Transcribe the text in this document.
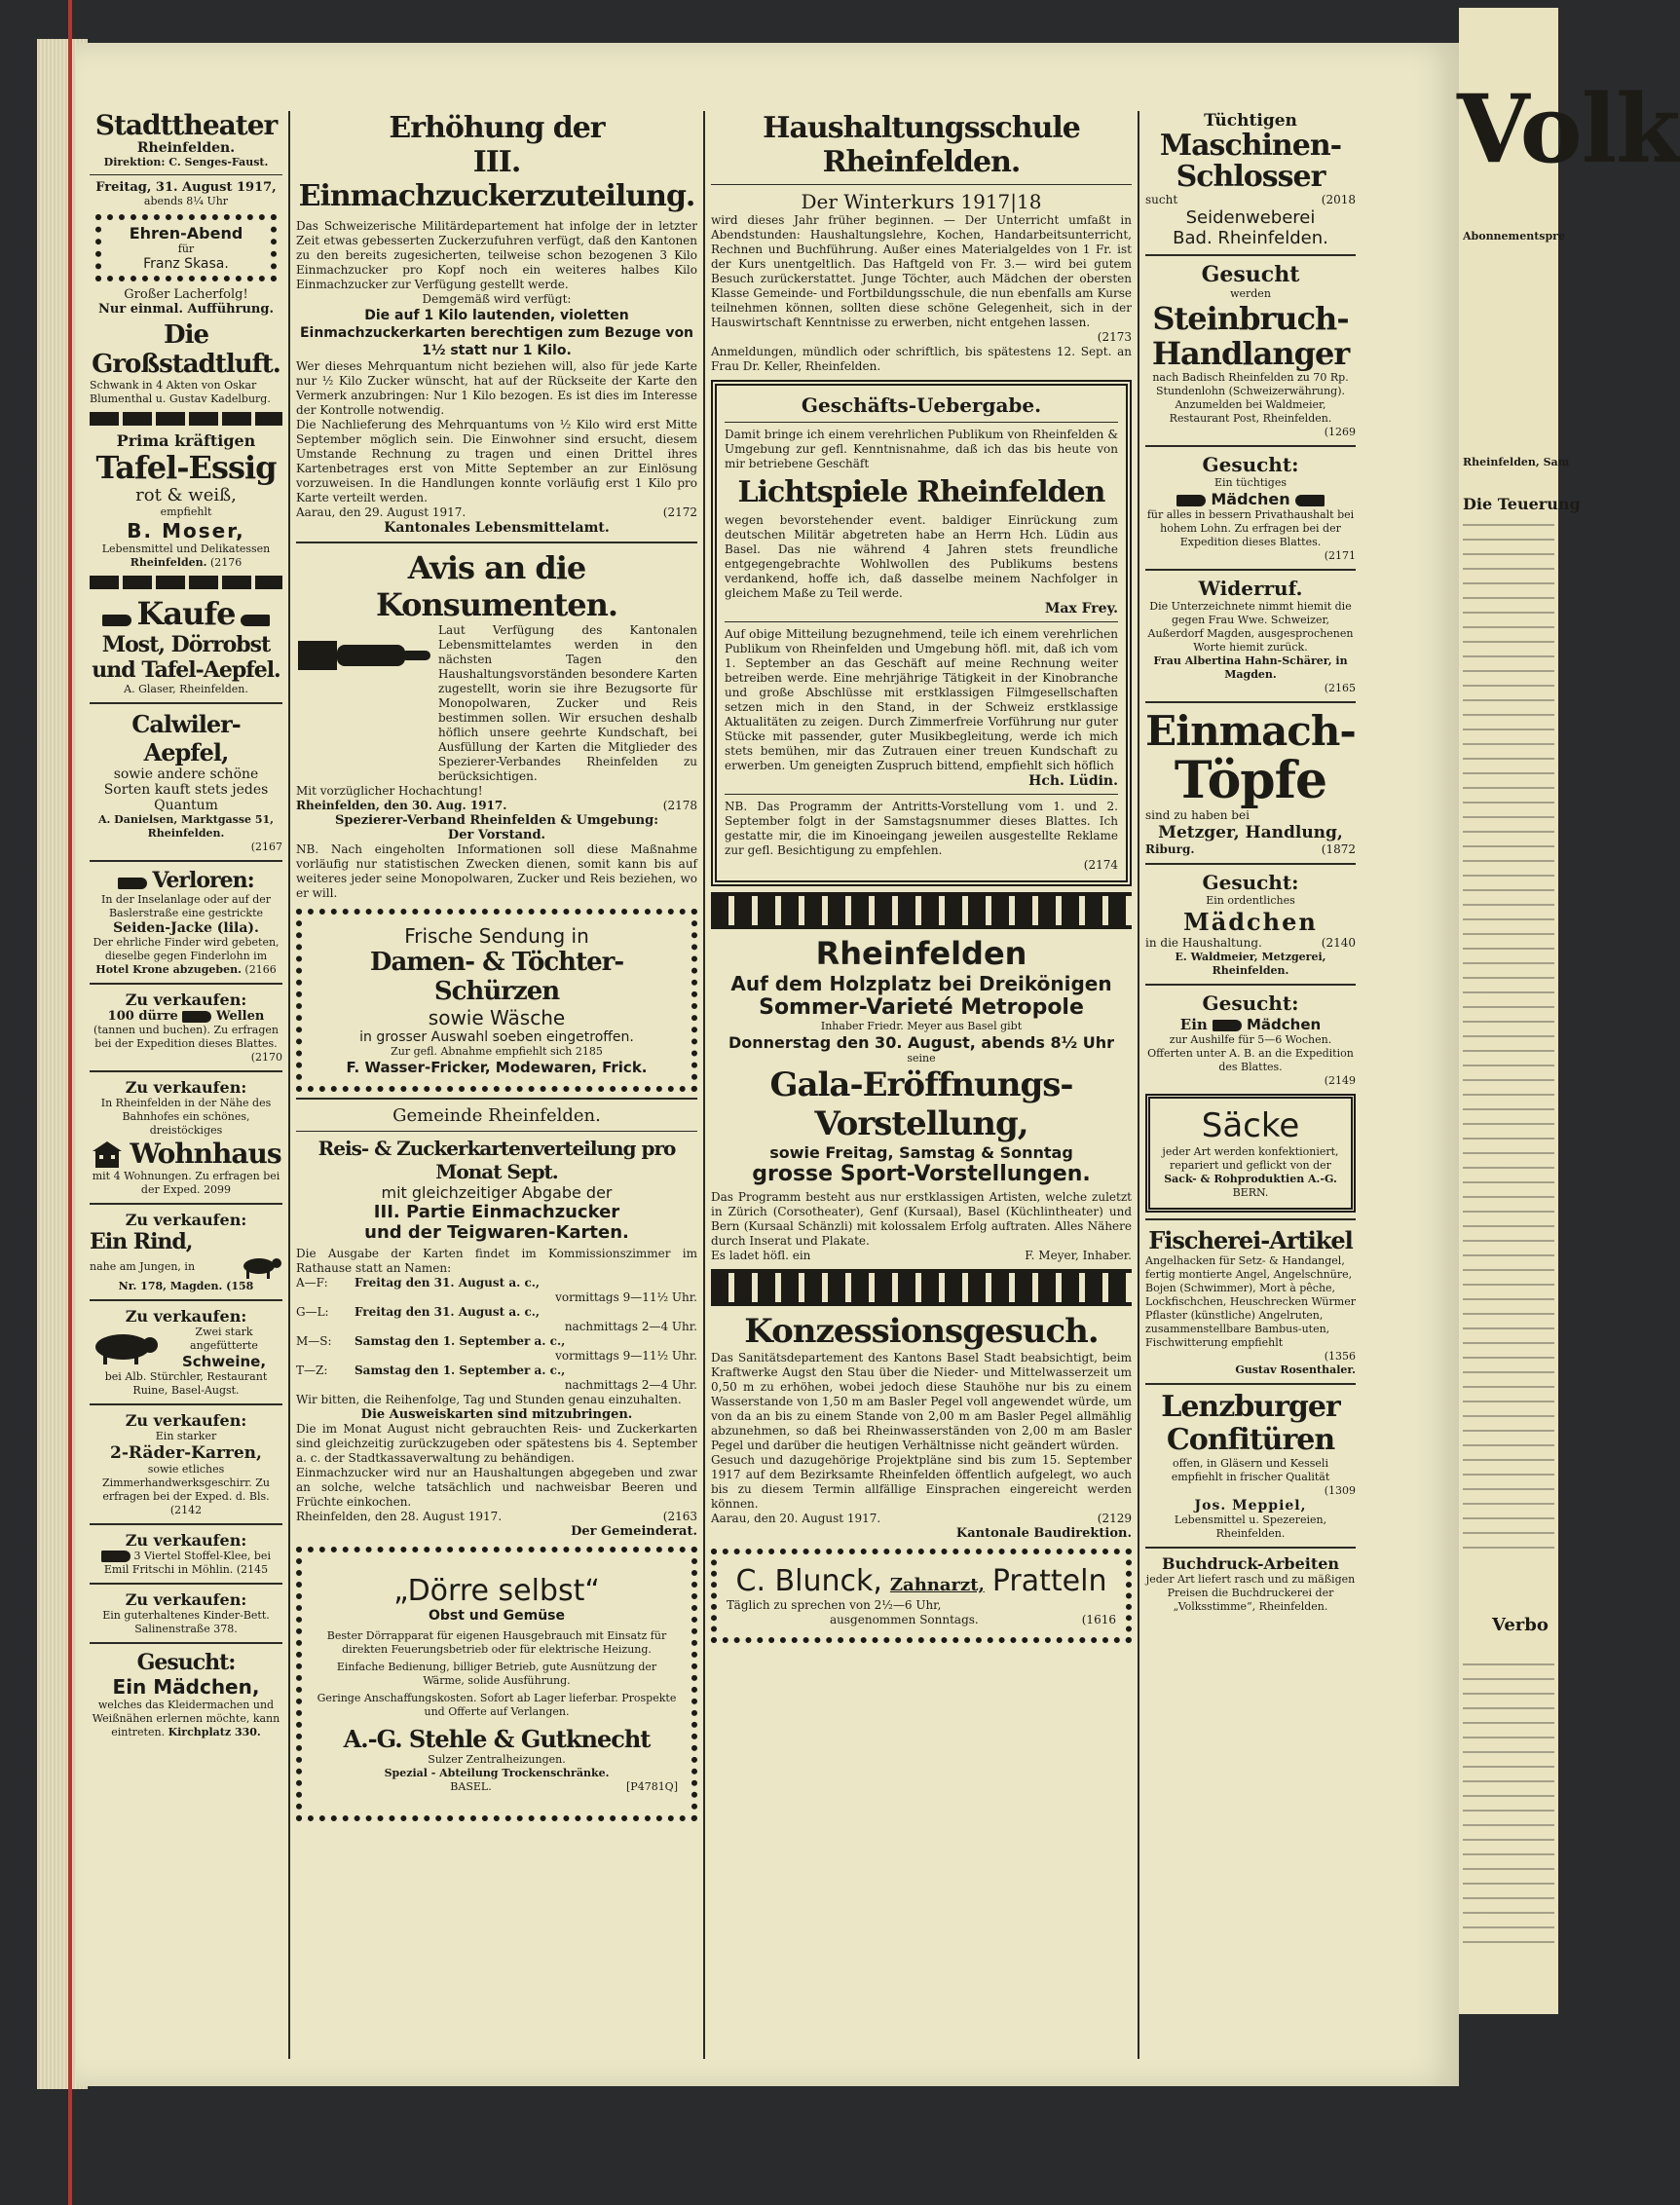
Stadttheater
Rheinfelden.
Direktion: C. Senges-Faust.
Freitag, 31. August 1917,
abends 8¼ Uhr
Ehren-Abend
für
Franz Skasa.
Großer Lacherfolg!
Nur einmal. Aufführung.
Die Großstadtluft.
Schwank in 4 Akten von Oskar Blumenthal u. Gustav Kadelburg.
Prima kräftigen
Tafel-Essig
rot & weiß,
empfiehlt
B. Moser,
Lebensmittel und Delikatessen
Rheinfelden. (2176
Kaufe
Most, Dörrobst und Tafel-Aepfel.
A. Glaser, Rheinfelden.
Calwiler-Aepfel,
sowie andere schöne Sorten kauft stets jedes Quantum
A. Danielsen, Marktgasse 51, Rheinfelden.
(2167
Verloren:
In der Inselanlage oder auf der Baslerstraße eine gestrickte
Seiden-Jacke (lila).
Der ehrliche Finder wird gebeten, dieselbe gegen Finderlohn im
Hotel Krone abzugeben. (2166
Zu verkaufen:
100 dürre	Wellen
(tannen und buchen). Zu erfragen bei der Expedition dieses Blattes.
(2170
Zu verkaufen:
In Rheinfelden in der Nähe des Bahnhofes ein schönes, dreistöckiges
Wohnhaus
mit 4 Wohnungen. Zu erfragen bei der Exped. 2099
Zu verkaufen:
Ein Rind,
nahe am Jungen, in
Nr. 178, Magden. (158
Zu verkaufen:
Zwei stark angefütterte
Schweine,
bei Alb. Stürchler, Restaurant Ruine, Basel-Augst.
Zu verkaufen:
Ein starker
2-Räder-Karren,
sowie etliches Zimmerhandwerksgeschirr. Zu erfragen bei der Exped. d. Bls. (2142
Zu verkaufen:
3 Viertel Stoffel-Klee, bei Emil Fritschi in Möhlin. (2145
Zu verkaufen:
Ein guterhaltenes Kinder-Bett. Salinenstraße 378.
Gesucht:
Ein Mädchen,
welches das Kleidermachen und Weißnähen erlernen möchte, kann eintreten. Kirchplatz 330.
Erhöhung der
III. Einmachzuckerzuteilung.
Das Schweizerische Militärdepartement hat infolge der in letzter Zeit etwas gebesserten Zuckerzufuhren verfügt, daß den Kantonen zu den bereits zugesicherten, teilweise schon bezogenen 3 Kilo Einmachzucker pro Kopf noch ein weiteres halbes Kilo Einmachzucker zur Verfügung gestellt werde.
Demgemäß wird verfügt:
Die auf 1 Kilo lautenden, violetten Einmachzuckerkarten berechtigen zum Bezuge von 1½ statt nur 1 Kilo.
Wer dieses Mehrquantum nicht beziehen will, also für jede Karte nur ½ Kilo Zucker wünscht, hat auf der Rückseite der Karte den Vermerk anzubringen: Nur 1 Kilo bezogen. Es ist dies im Interesse der Kontrolle notwendig.
Die Nachlieferung des Mehrquantums von ½ Kilo wird erst Mitte September möglich sein. Die Einwohner sind ersucht, diesem Umstande Rechnung zu tragen und einen Drittel ihres Kartenbetrages erst von Mitte September an zur Einlösung vorzuweisen. In die Handlungen konnte vorläufig erst 1 Kilo pro Karte verteilt werden.
Aarau, den 29. August 1917.	(2172
Kantonales Lebensmittelamt.
Avis an die Konsumenten.
Laut Verfügung des Kantonalen Lebensmittelamtes werden in den nächsten Tagen den Haushaltungsvorständen besondere Karten zugestellt, worin sie ihre Bezugsorte für Monopolwaren, Zucker und Reis bestimmen sollen. Wir ersuchen deshalb höflich unsere geehrte Kundschaft, bei Ausfüllung der Karten die Mitglieder des Spezierer-Verbandes Rheinfelden zu berücksichtigen.
Mit vorzüglicher Hochachtung!
Rheinfelden, den 30. Aug. 1917.	(2178
Spezierer-Verband Rheinfelden & Umgebung:
Der Vorstand.
NB. Nach eingeholten Informationen soll diese Maßnahme vorläufig nur statistischen Zwecken dienen, somit kann bis auf weiteres jeder seine Monopolwaren, Zucker und Reis beziehen, wo er will.
Frische Sendung in
Damen- & Töchter-Schürzen
sowie Wäsche
in grosser Auswahl soeben eingetroffen.
Zur gefl. Abnahme empfiehlt sich 2185
F. Wasser-Fricker, Modewaren, Frick.
Gemeinde Rheinfelden.
Reis- & Zuckerkartenverteilung pro Monat Sept.
mit gleichzeitiger Abgabe der
III. Partie Einmachzucker
und der Teigwaren-Karten.
Die Ausgabe der Karten findet im Kommissionszimmer im Rathause statt an Namen:
A—F:	Freitag den 31. August a. c.,
vormittags 9—11½ Uhr.
G—L:	Freitag den 31. August a. c.,
nachmittags 2—4 Uhr.
M—S:	Samstag den 1. September a. c.,
vormittags 9—11½ Uhr.
T—Z:	Samstag den 1. September a. c.,
nachmittags 2—4 Uhr.
Wir bitten, die Reihenfolge, Tag und Stunden genau einzuhalten.
Die Ausweiskarten sind mitzubringen.
Die im Monat August nicht gebrauchten Reis- und Zuckerkarten sind gleichzeitig zurückzugeben oder spätestens bis 4. September a. c. der Stadtkassaverwaltung zu behändigen.
Einmachzucker wird nur an Haushaltungen abgegeben und zwar an solche, welche tatsächlich und nachweisbar Beeren und Früchte einkochen.
Rheinfelden, den 28. August 1917.	(2163
Der Gemeinderat.
„Dörre selbst“
Obst und Gemüse
Bester Dörrapparat für eigenen Hausgebrauch mit Einsatz für direkten Feuerungsbetrieb oder für elektrische Heizung.
Einfache Bedienung, billiger Betrieb, gute Ausnützung der Wärme, solide Ausführung.
Geringe Anschaffungskosten. Sofort ab Lager lieferbar. Prospekte und Offerte auf Verlangen.
A.-G. Stehle & Gutknecht
Sulzer Zentralheizungen.
Spezial - Abteilung Trockenschränke.
BASEL.	[P4781Q]
Haushaltungsschule Rheinfelden.
Der Winterkurs 1917|18
wird dieses Jahr früher beginnen. — Der Unterricht umfaßt in Abendstunden: Haushaltungslehre, Kochen, Handarbeitsunterricht, Rechnen und Buchführung. Außer eines Materialgeldes von 1 Fr. ist der Kurs unentgeltlich. Das Haftgeld von Fr. 3.— wird bei gutem Besuch zurückerstattet. Junge Töchter, auch Mädchen der obersten Klasse Gemeinde- und Fortbildungsschule, die nun ebenfalls am Kurse teilnehmen können, sollten diese schöne Gelegenheit, sich in der Hauswirtschaft Kenntnisse zu erwerben, nicht entgehen lassen.
(2173
Anmeldungen, mündlich oder schriftlich, bis spätestens 12. Sept. an Frau Dr. Keller, Rheinfelden.
Geschäfts-Uebergabe.
Damit bringe ich einem verehrlichen Publikum von Rheinfelden & Umgebung zur gefl. Kenntnisnahme, daß ich das bis heute von mir betriebene Geschäft
Lichtspiele Rheinfelden
wegen bevorstehender event. baldiger Einrückung zum deutschen Militär abgetreten habe an Herrn Hch. Lüdin aus Basel. Das nie während 4 Jahren stets freundliche entgegengebrachte Wohlwollen des Publikums bestens verdankend, hoffe ich, daß dasselbe meinem Nachfolger in gleichem Maße zu Teil werde.
Max Frey.
Auf obige Mitteilung bezugnehmend, teile ich einem verehrlichen Publikum von Rheinfelden und Umgebung höfl. mit, daß ich vom 1. September an das Geschäft auf meine Rechnung weiter betreiben werde. Eine mehrjährige Tätigkeit in der Kinobranche und große Abschlüsse mit erstklassigen Filmgesellschaften setzen mich in den Stand, in der Schweiz erstklassige Aktualitäten zu zeigen. Durch Zimmerfreie Vorführung nur guter Stücke mit passender, guter Musikbegleitung, werde ich mich stets bemühen, mir das Zutrauen einer treuen Kundschaft zu erwerben. Um geneigten Zuspruch bittend, empfiehlt sich höflich
Hch. Lüdin.
NB. Das Programm der Antritts-Vorstellung vom 1. und 2. September folgt in der Samstagsnummer dieses Blattes. Ich gestatte mir, die im Kinoeingang jeweilen ausgestellte Reklame zur gefl. Besichtigung zu empfehlen.
(2174
Rheinfelden
Auf dem Holzplatz bei Dreikönigen
Sommer-Varieté Metropole
Inhaber Friedr. Meyer aus Basel gibt
Donnerstag den 30. August, abends 8½ Uhr
seine
Gala-Eröffnungs-Vorstellung,
sowie Freitag, Samstag & Sonntag
grosse Sport-Vorstellungen.
Das Programm besteht aus nur erstklassigen Artisten, welche zuletzt in Zürich (Corsotheater), Genf (Kursaal), Basel (Küchlintheater) und Bern (Kursaal Schänzli) mit kolossalem Erfolg auftraten. Alles Nähere durch Inserat und Plakate.
Es ladet höfl. ein	F. Meyer, Inhaber.
Konzessionsgesuch.
Das Sanitätsdepartement des Kantons Basel Stadt beabsichtigt, beim Kraftwerke Augst den Stau über die Nieder- und Mittelwasserzeit um 0,50 m zu erhöhen, wobei jedoch diese Stauhöhe nur bis zu einem Wasserstande von 1,50 m am Basler Pegel voll angewendet würde, um von da an bis zu einem Stande von 2,00 m am Basler Pegel allmählig abzunehmen, so daß bei Rheinwasserständen von 2,00 m am Basler Pegel und darüber die heutigen Verhältnisse nicht geändert würden.
Gesuch und dazugehörige Projektpläne sind bis zum 15. September 1917 auf dem Bezirksamte Rheinfelden öffentlich aufgelegt, wo auch bis zu diesem Termin allfällige Einsprachen eingereicht werden können.
Aarau, den 20. August 1917.	(2129
Kantonale Baudirektion.
C. Blunck, Zahnarzt, Pratteln
Täglich zu sprechen von 2½—6 Uhr,
ausgenommen Sonntags.	(1616
Tüchtigen
Maschinen-
Schlosser
sucht	(2018
Seidenweberei
Bad. Rheinfelden.
Gesucht
werden
Steinbruch-
Handlanger
nach Badisch Rheinfelden zu 70 Rp. Stundenlohn (Schweizerwährung). Anzumelden bei Waldmeier, Restaurant Post, Rheinfelden.
(1269
Gesucht:
Ein tüchtiges
Mädchen
für alles in bessern Privathaushalt bei hohem Lohn. Zu erfragen bei der Expedition dieses Blattes.
(2171
Widerruf.
Die Unterzeichnete nimmt hiemit die gegen Frau Wwe. Schweizer, Außerdorf Magden, ausgesprochenen Worte hiemit zurück.
Frau Albertina Hahn-Schärer, in Magden.
(2165
Einmach-
Töpfe
sind zu haben bei
Metzger, Handlung,
Riburg.	(1872
Gesucht:
Ein ordentliches
Mädchen
in die Haushaltung.	(2140
E. Waldmeier, Metzgerei,
Rheinfelden.
Gesucht:
Ein	Mädchen
zur Aushilfe für 5—6 Wochen. Offerten unter A. B. an die Expedition des Blattes.
(2149
Säcke
jeder Art werden konfektioniert, repariert und geflickt von der
Sack- & Rohproduktien A.-G.
BERN.
Fischerei-Artikel
Angelhacken für Setz- & Handangel, fertig montierte Angel, Angelschnüre, Bojen (Schwimmer), Mort à pêche, Lockfischchen, Heuschrecken Würmer Pflaster (künstliche) Angelruten, zusammenstellbare Bambus-uten, Fischwitterung empfiehlt
(1356
Gustav Rosenthaler.
Lenzburger
Confitüren
offen, in Gläsern und Kesseli empfiehlt in frischer Qualität
(1309
Jos. Meppiel,
Lebensmittel u. Spezereien, Rheinfelden.
Buchdruck-Arbeiten
jeder Art liefert rasch und zu mäßigen Preisen die Buchdruckerei der „Volksstimme“, Rheinfelden.
Volk
Abonnementspre
Rheinfelden, Sam
Die Teuerung
Verbo
